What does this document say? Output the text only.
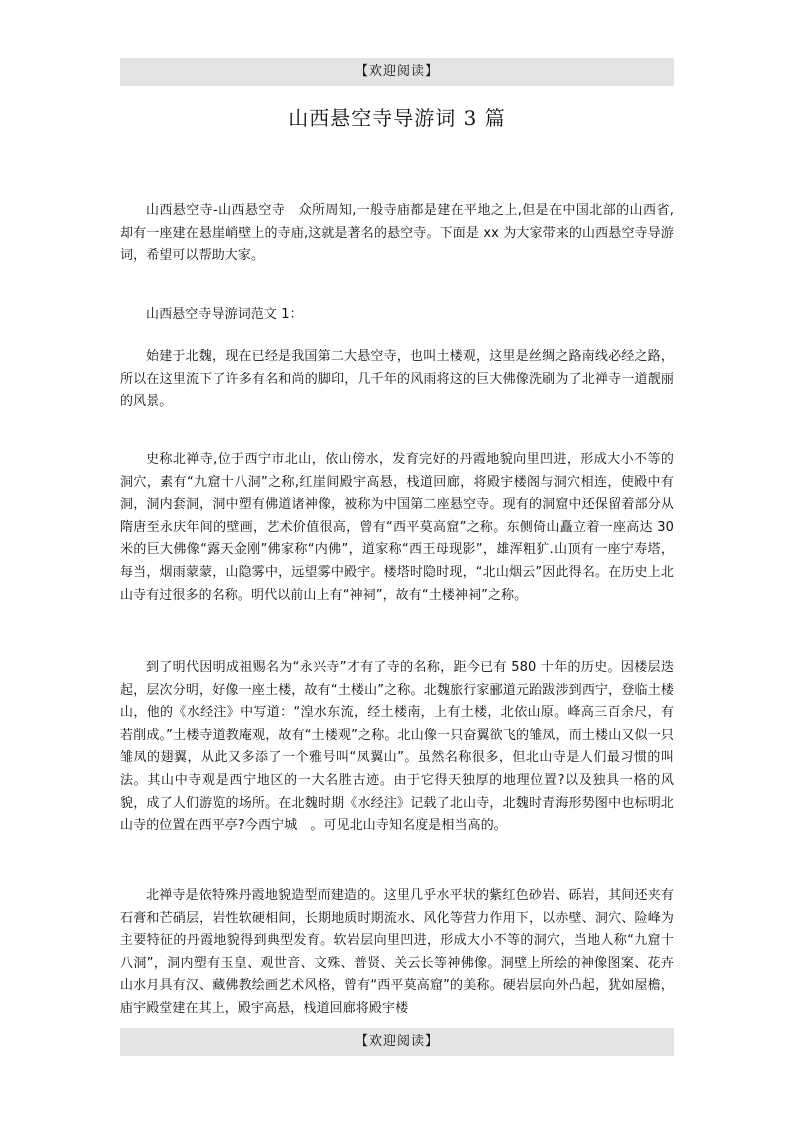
【欢迎阅读】
山西悬空寺导游词 3 篇

山西悬空寺-山西悬空寺　众所周知,一般寺庙都是建在平地之上,但是在中国北部的山西省,却有一座建在悬崖峭壁上的寺庙,这就是著名的悬空寺。下面是 xx 为大家带来的山西悬空寺导游词，希望可以帮助大家。

山西悬空寺导游词范文 1：

始建于北魏，现在已经是我国第二大悬空寺，也叫土楼观，这里是丝绸之路南线必经之路，所以在这里流下了许多有名和尚的脚印，几千年的风雨将这的巨大佛像洗刷为了北禅寺一道靓丽的风景。

史称北禅寺,位于西宁市北山，依山傍水，发育完好的丹霞地貌向里凹进，形成大小不等的洞穴，素有“九窟十八洞”之称,红崖间殿宇高悬，栈道回廊，将殿宇楼阁与洞穴相连，使殿中有洞，洞内套洞，洞中塑有佛道诸神像，被称为中国第二座悬空寺。现有的洞窟中还保留着部分从隋唐至永庆年间的壁画，艺术价值很高，曾有“西平莫高窟”之称。东侧倚山矗立着一座高达 30 米的巨大佛像“露天金刚”佛家称“内佛”，道家称“西王母现影”，雄浑粗犷.山顶有一座宁寿塔，每当，烟雨蒙蒙，山隐雾中，远望雾中殿宇。楼塔时隐时现，“北山烟云”因此得名。在历史上北山寺有过很多的名称。明代以前山上有“神祠”，故有“土楼神祠”之称。

到了明代因明成祖赐名为“永兴寺”才有了寺的名称，距今已有 580 十年的历史。因楼层迭起，层次分明，好像一座土楼，故有“土楼山”之称。北魏旅行家郦道元跆跋涉到西宁，登临土楼山，他的《水经注》中写道：“湟水东流，经土楼南，上有土楼，北依山原。峰高三百余尺，有若削成。”土楼寺道教庵观，故有“土楼观”之称。北山像一只奋翼欲飞的雏凤，而土楼山又似一只雏凤的翅翼，从此又多添了一个雅号叫“凤翼山”。虽然名称很多，但北山寺是人们最习惯的叫法。其山中寺观是西宁地区的一大名胜古迹。由于它得天独厚的地理位置?以及独具一格的风貌，成了人们游览的场所。在北魏时期《水经注》记载了北山寺，北魏时青海形势图中也标明北山寺的位置在西平亭?今西宁城　。可见北山寺知名度是相当高的。

北禅寺是依特殊丹霞地貌造型而建造的。这里几乎水平状的紫红色砂岩、砾岩，其间还夹有石膏和芒硝层，岩性软硬相间，长期地质时期流水、风化等营力作用下，以赤壁、洞穴、险峰为主要特征的丹霞地貌得到典型发育。软岩层向里凹进，形成大小不等的洞穴，当地人称“九窟十八洞”，洞内塑有玉皇、观世音、文殊、普贤、关云长等神佛像。洞壁上所绘的神像图案、花卉山水月具有汉、藏佛教绘画艺术风格，曾有“西平莫高窟”的美称。硬岩层向外凸起，犹如屋檐，庙宇殿堂建在其上，殿宇高悬，栈道回廊将殿宇楼

【欢迎阅读】
